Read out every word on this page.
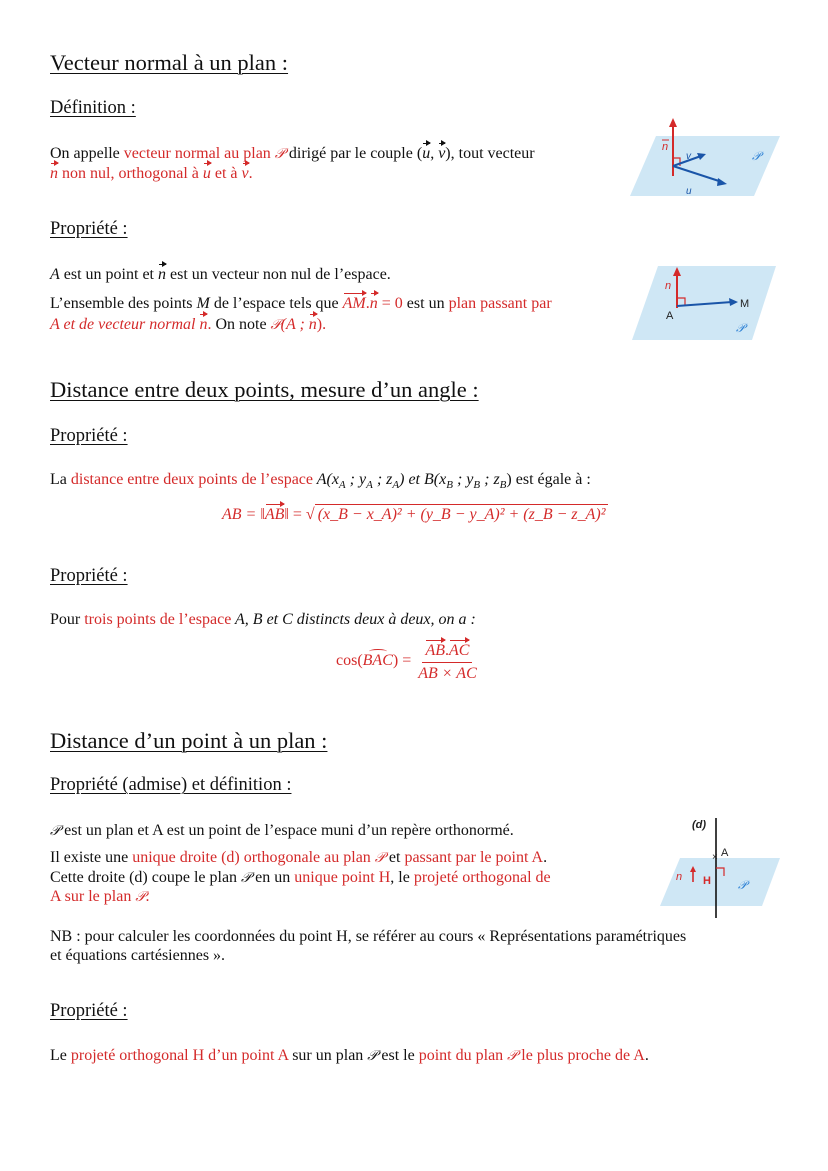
Vecteur normal à un plan :
Définition :
On appelle vecteur normal au plan 𝒫 dirigé par le couple (u, v), tout vecteur
n non nul, orthogonal à u et à v.
n
v
u
𝒫
Propriété :
A est un point et n est un vecteur non nul de l’espace.
L’ensemble des points M de l’espace tels que AM.n = 0 est un plan passant par
A et de vecteur normal n. On note 𝒫(A ; n).
n
A
M
𝒫
Distance entre deux points, mesure d’un angle :
Propriété :
La distance entre deux points de l’espace $A(x_A$ ; $y_A$ ; $z_A$) et $B(x_B$ ; $y_B$ ; $z_B$) est égale à :
AB = ‖AB‖ = √ (x_B − x_A)² + (y_B − y_A)² + (z_B − z_A)²
Propriété :
Pour trois points de l’espace A, B et C distincts deux à deux, on a :
$\cos(BAC) = \frac{AB.AC}{AB \times AC}$
Distance d’un point à un plan :
Propriété (admise) et définition :
𝒫 est un plan et A est un point de l’espace muni d’un repère orthonormé.
Il existe une unique droite (d) orthogonale au plan 𝒫 et passant par le point A.
Cette droite (d) coupe le plan 𝒫 en un unique point H, le projeté orthogonal de
A sur le plan 𝒫.
(d)
× A
H
n
𝒫
NB : pour calculer les coordonnées du point H, se référer au cours « Représentations paramétriques
et équations cartésiennes ».
Propriété :
Le projeté orthogonal H d’un point A sur un plan 𝒫 est le point du plan 𝒫 le plus proche de A.
